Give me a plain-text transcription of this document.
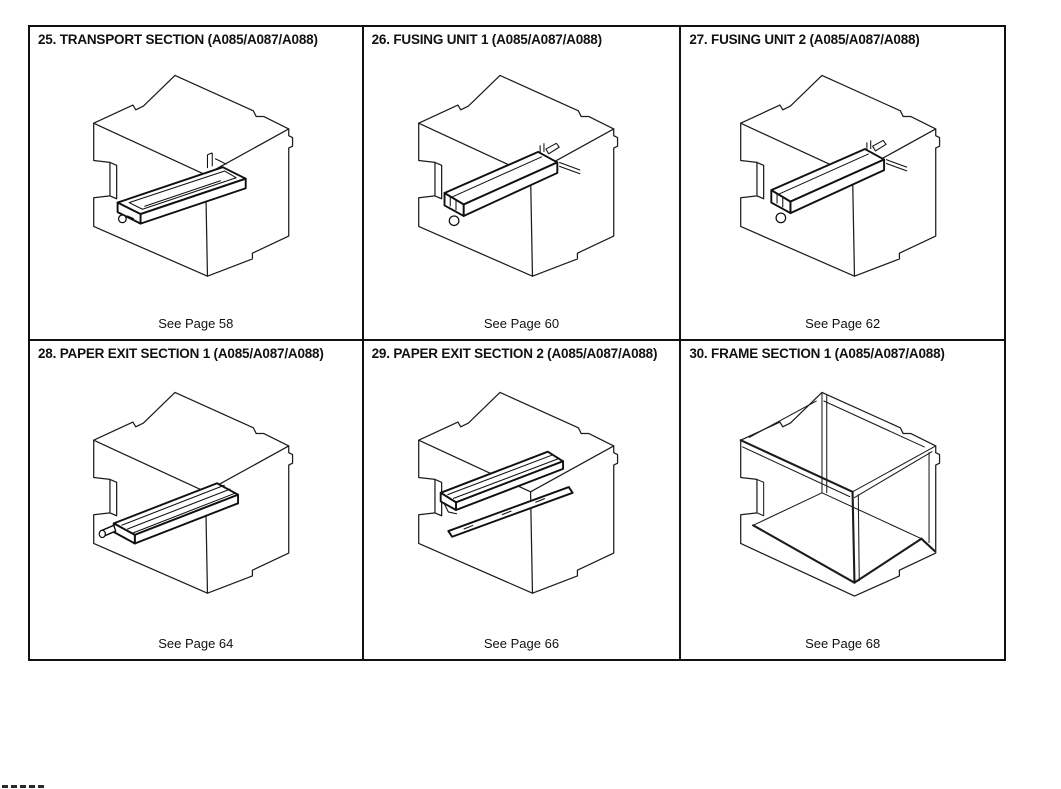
25. TRANSPORT SECTION (A085/A087/A088)
See Page 58
26. FUSING UNIT 1 (A085/A087/A088)
See Page 60
27. FUSING UNIT 2 (A085/A087/A088)
See Page 62
28. PAPER EXIT SECTION 1 (A085/A087/A088)
See Page 64
29. PAPER EXIT SECTION 2 (A085/A087/A088)
See Page 66
30. FRAME SECTION 1 (A085/A087/A088)
See Page 68
